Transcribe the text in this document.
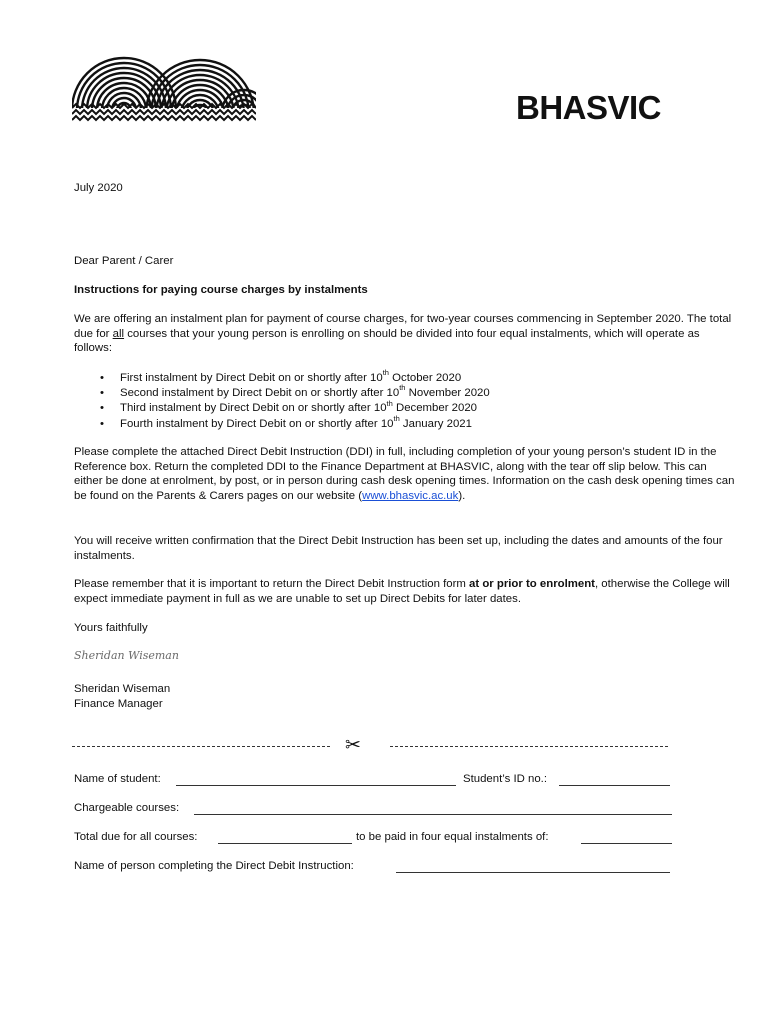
BHASVIC

July 2020

Dear Parent / Carer

Instructions for paying course charges by instalments

We are offering an instalment plan for payment of course charges, for two-year courses commencing in September 2020. The total due for all courses that your young person is enrolling on should be divided into four equal instalments, which will operate as follows:

• First instalment by Direct Debit on or shortly after 10th October 2020
• Second instalment by Direct Debit on or shortly after 10th November 2020
• Third instalment by Direct Debit on or shortly after 10th December 2020
• Fourth instalment by Direct Debit on or shortly after 10th January 2021

Please complete the attached Direct Debit Instruction (DDI) in full, including completion of your young person’s student ID in the Reference box. Return the completed DDI to the Finance Department at BHASVIC, along with the tear off slip below. This can either be done at enrolment, by post, or in person during cash desk opening times. Information on the cash desk opening times can be found on the Parents & Carers pages on our website (www.bhasvic.ac.uk).

You will receive written confirmation that the Direct Debit Instruction has been set up, including the dates and amounts of the four instalments.

Please remember that it is important to return the Direct Debit Instruction form at or prior to enrolment, otherwise the College will expect immediate payment in full as we are unable to set up Direct Debits for later dates.

Yours faithfully

Sheridan Wiseman

Sheridan Wiseman
Finance Manager

✂
Name of student:	Student’s ID no.:
Chargeable courses:
Total due for all courses:	to be paid in four equal instalments of:
Name of person completing the Direct Debit Instruction:
